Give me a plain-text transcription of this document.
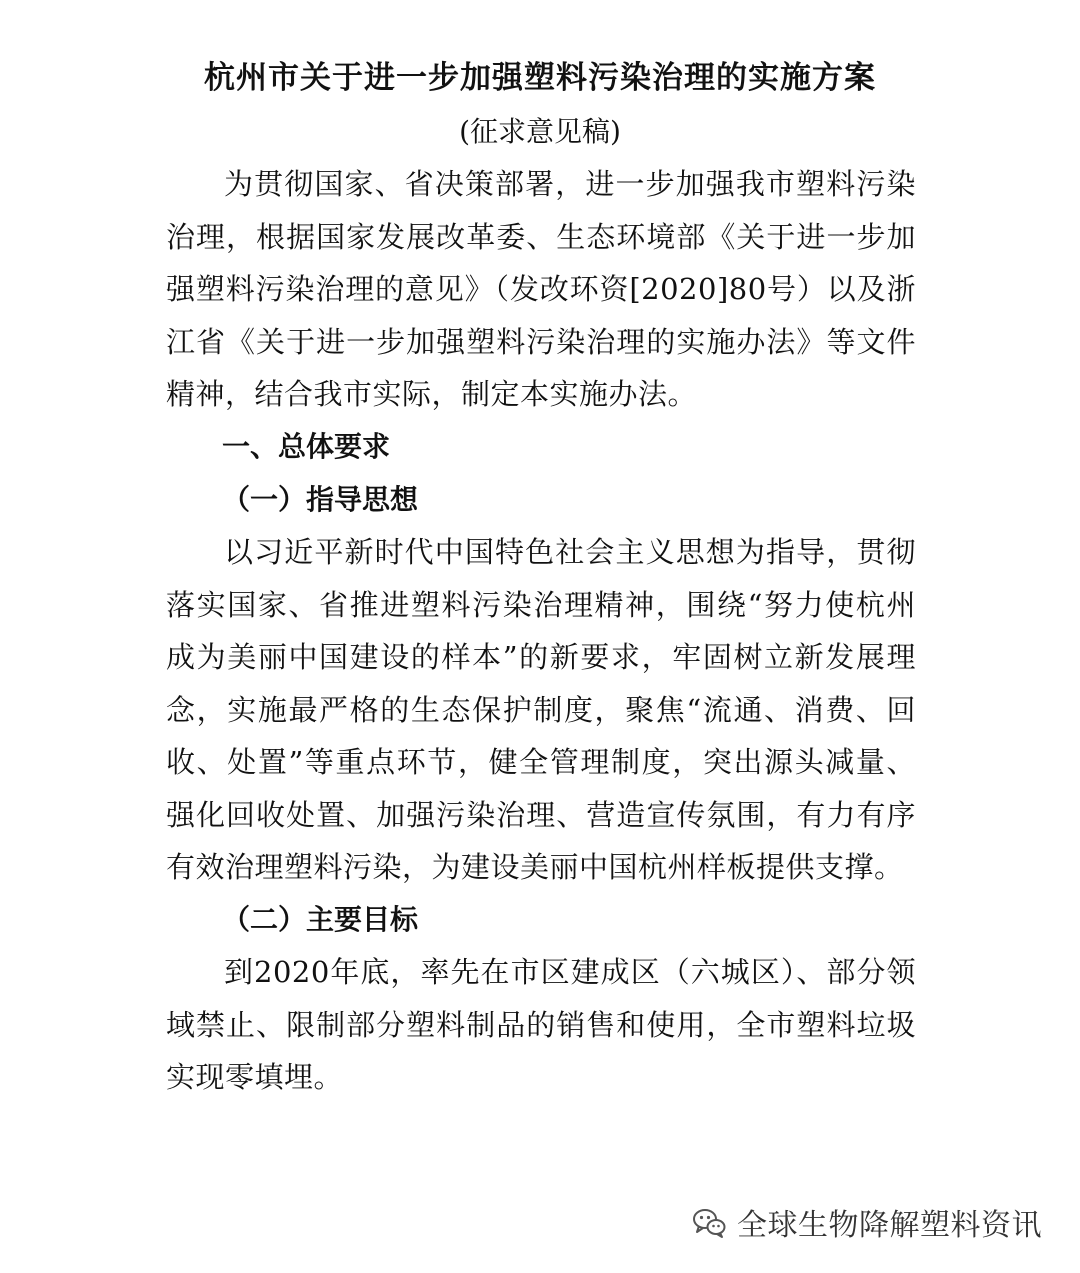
杭州市关于进一步加强塑料污染治理的实施方案

(征求意见稿)

为贯彻国家、省决策部署，进一步加强我市塑料污染治理，根据国家发展改革委、生态环境部《关于进一步加强塑料污染治理的意见》（发改环资[2020]80号）以及浙江省《关于进一步加强塑料污染治理的实施办法》等文件精神，结合我市实际，制定本实施办法。

一、总体要求
（一）指导思想

以习近平新时代中国特色社会主义思想为指导，贯彻落实国家、省推进塑料污染治理精神，围绕“努力使杭州成为美丽中国建设的样本”的新要求，牢固树立新发展理念，实施最严格的生态保护制度，聚焦“流通、消费、回收、处置”等重点环节，健全管理制度，突出源头减量、强化回收处置、加强污染治理、营造宣传氛围，有力有序有效治理塑料污染，为建设美丽中国杭州样板提供支撑。

（二）主要目标

到2020年底，率先在市区建成区（六城区）、部分领域禁止、限制部分塑料制品的销售和使用，全市塑料垃圾实现零填埋。

全球生物降解塑料资讯
